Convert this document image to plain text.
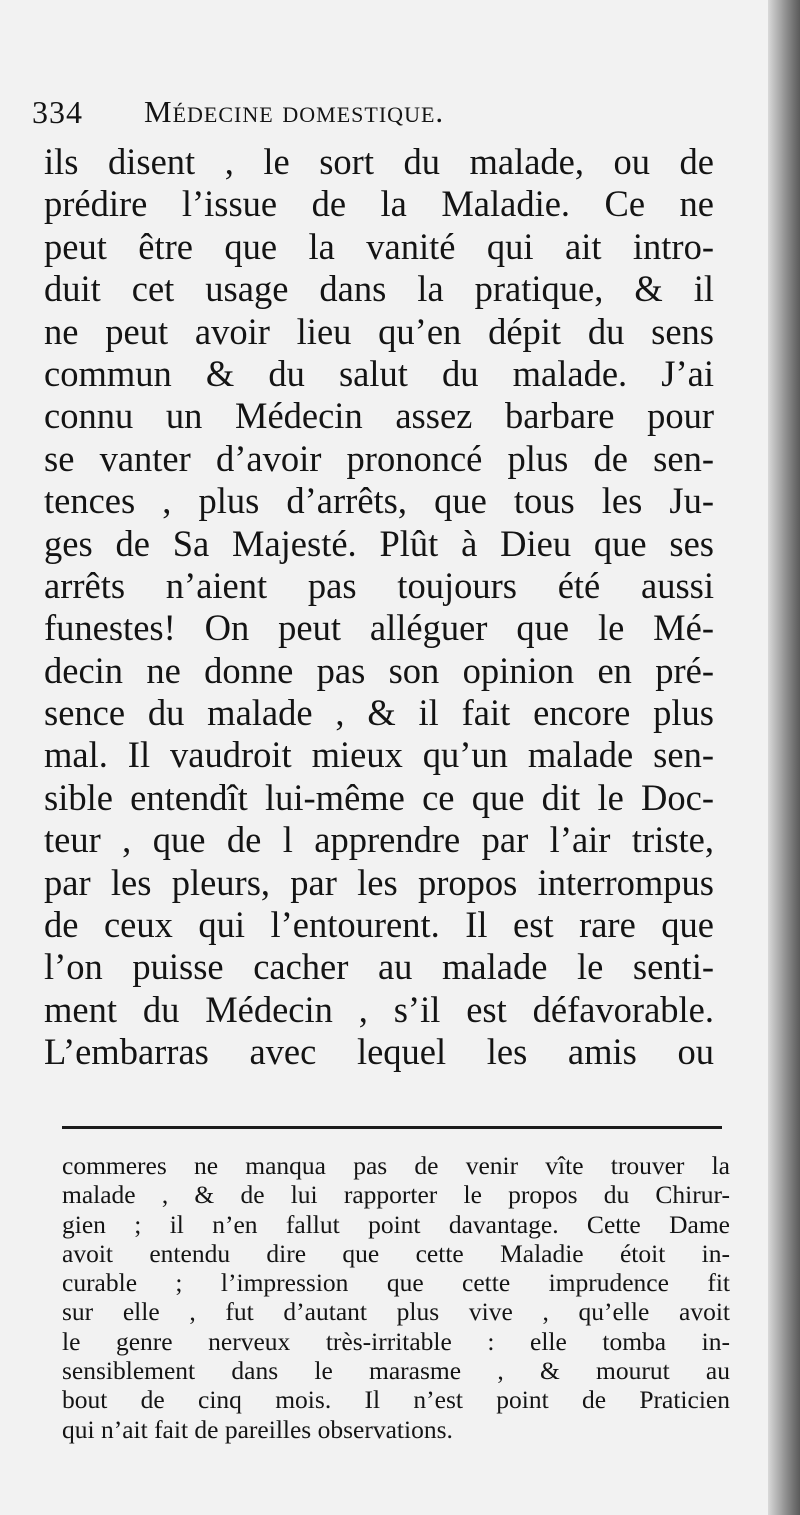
334 Médecine domestique.
ils disent , le sort du malade, ou de
prédire l’issue de la Maladie. Ce ne
peut être que la vanité qui ait intro-
duit cet usage dans la pratique, & il
ne peut avoir lieu qu’en dépit du sens
commun & du salut du malade. J’ai
connu un Médecin assez barbare pour
se vanter d’avoir prononcé plus de sen-
tences , plus d’arrêts, que tous les Ju-
ges de Sa Majesté. Plût à Dieu que ses
arrêts n’aient pas toujours été aussi
funestes! On peut alléguer que le Mé-
decin ne donne pas son opinion en pré-
sence du malade , & il fait encore plus
mal. Il vaudroit mieux qu’un malade sen-
sible entendît lui-même ce que dit le Doc-
teur , que de l apprendre par l’air triste,
par les pleurs, par les propos interrompus
de ceux qui l’entourent. Il est rare que
l’on puisse cacher au malade le senti-
ment du Médecin , s’il est défavorable.
L’embarras avec lequel les amis ou
commeres ne manqua pas de venir vîte trouver la
malade , & de lui rapporter le propos du Chirur-
gien ; il n’en fallut point davantage. Cette Dame
avoit entendu dire que cette Maladie étoit in-
curable ; l’impression que cette imprudence fit
sur elle , fut d’autant plus vive , qu’elle avoit
le genre nerveux très-irritable : elle tomba in-
sensiblement dans le marasme , & mourut au
bout de cinq mois. Il n’est point de Praticien
qui n’ait fait de pareilles observations.
